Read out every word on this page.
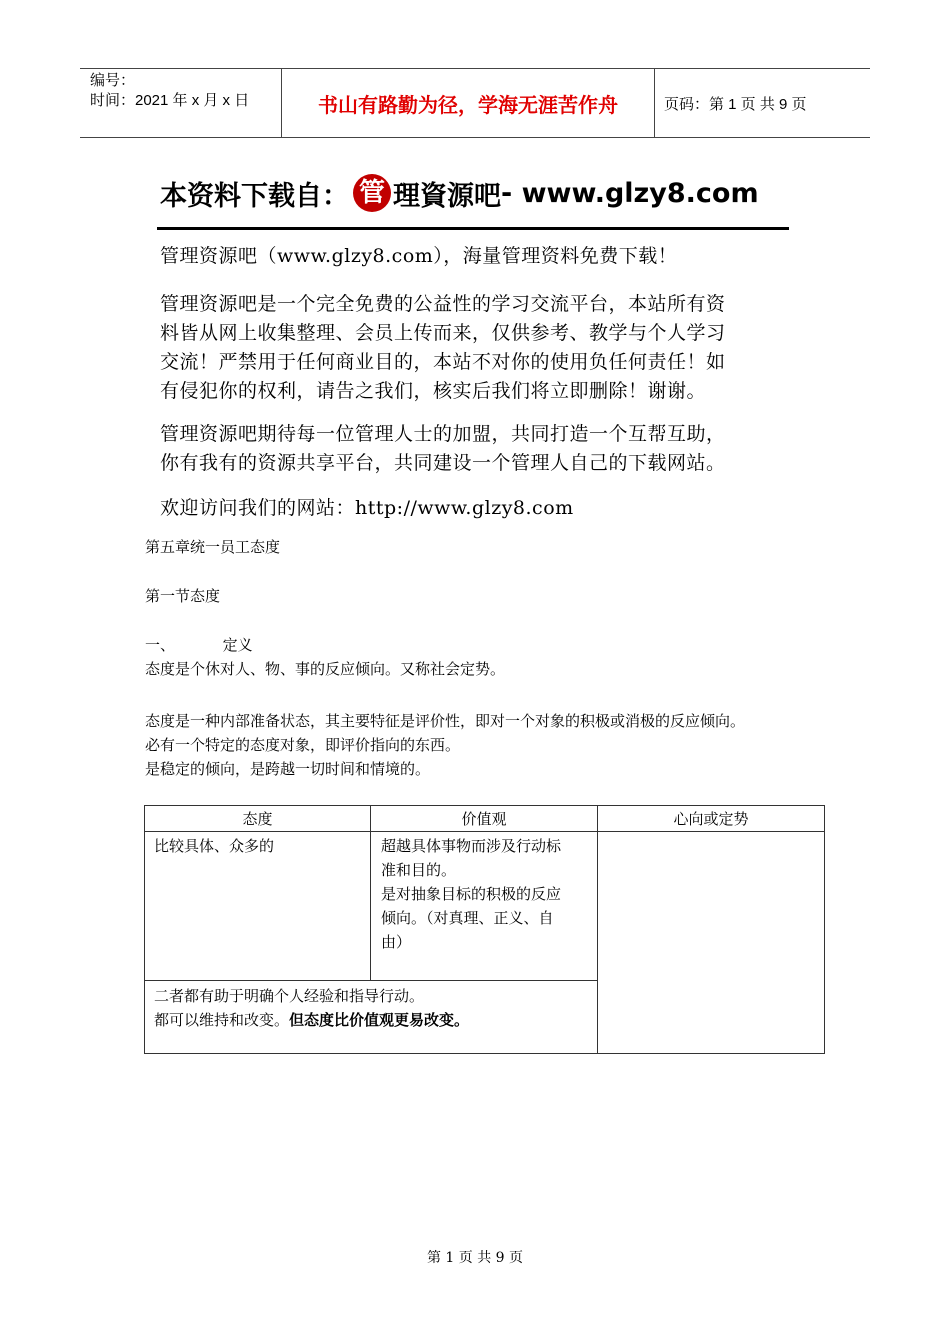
编号：
时间：2021 年 x 月 x 日	书山有路勤为径，学海无涯苦作舟	页码：第 1 页 共 9 页
本资料下载自： 管 理資源吧 - www.glzy8.com
管理资源吧（www.glzy8.com），海量管理资料免费下载！
管理资源吧是一个完全免费的公益性的学习交流平台，本站所有资
料皆从网上收集整理、会员上传而来，仅供参考、教学与个人学习
交流！严禁用于任何商业目的，本站不对你的使用负任何责任！如
有侵犯你的权利，请告之我们，核实后我们将立即删除！谢谢。
管理资源吧期待每一位管理人士的加盟，共同打造一个互帮互助，
你有我有的资源共享平台，共同建设一个管理人自己的下载网站。
欢迎访问我们的网站：http://www.glzy8.com
第五章统一员工态度
第一节态度
一、	定义
态度是个休对人、物、事的反应倾向。又称社会定势。
态度是一种内部准备状态，其主要特征是评价性，即对一个对象的积极或消极的反应倾向。
必有一个特定的态度对象，即评价指向的东西。
是稳定的倾向，是跨越一切时间和情境的。
态度	价值观	心向或定势
比较具体、众多的	超越具体事物而涉及行动标
准和目的。
是对抽象目标的积极的反应
倾向。（对真理、正义、自
由）
二者都有助于明确个人经验和指导行动。
都可以维持和改变。但态度比价值观更易改变。
第 1 页 共 9 页
